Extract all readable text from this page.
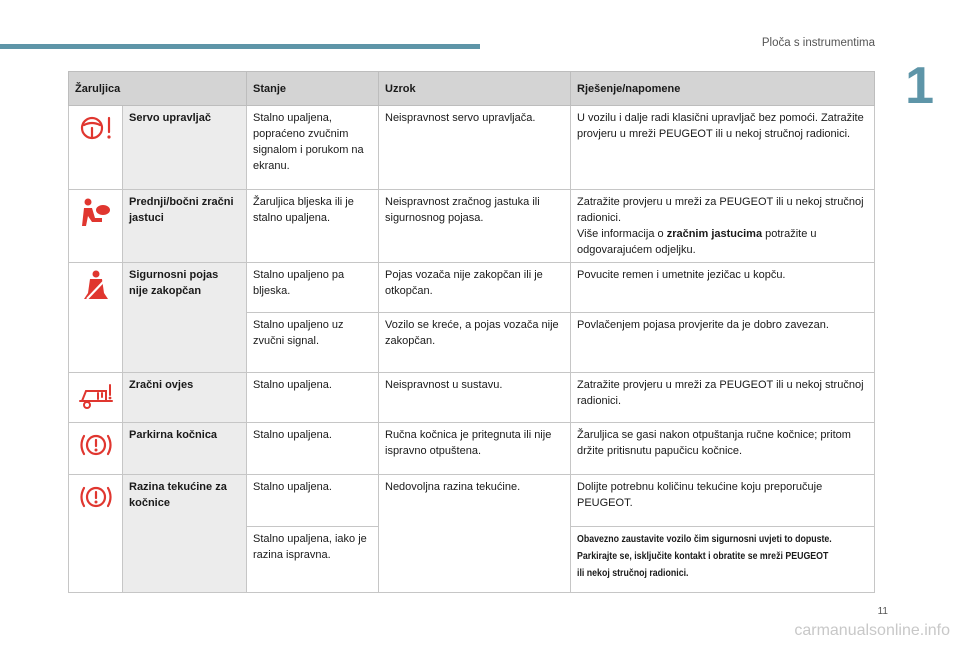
Ploča s instrumentima
1
Žaruljica		Stanje	Uzrok	Rješenje/napomene

	Servo upravljač	Stalno upaljena, popraćeno zvučnim signalom i porukom na ekranu.	Neispravnost servo upravljača.	U vozilu i dalje radi klasični upravljač bez pomoći. Zatražite provjeru u mreži PEUGEOT ili u nekoj stručnoj radionici.

	Prednji/bočni zračni jastuci	Žaruljica bljeska ili je stalno upaljena.	Neispravnost zračnog jastuka ili sigurnosnog pojasa.	Zatražite provjeru u mreži za PEUGEOT ili u nekoj stručnoj radionici.
Više informacija o zračnim jastucima potražite u odgovarajućem odjeljku.

	Sigurnosni pojas nije zakopčan	Stalno upaljeno pa bljeska.	Pojas vozača nije zakopčan ili je otkopčan.	Povucite remen i umetnite jezičac u kopču.
		Stalno upaljeno uz zvučni signal.	Vozilo se kreće, a pojas vozača nije zakopčan.	Povlačenjem pojasa provjerite da je dobro zavezan.

	Zračni ovjes	Stalno upaljena.	Neispravnost u sustavu.	Zatražite provjeru u mreži za PEUGEOT ili u nekoj stručnoj radionici.

	Parkirna kočnica	Stalno upaljena.	Ručna kočnica je pritegnuta ili nije ispravno otpuštena.	Žaruljica se gasi nakon otpuštanja ručne kočnice; pritom držite pritisnutu papučicu kočnice.

	Razina tekućine za kočnice	Stalno upaljena.	Nedovoljna razina tekućine.	Dolijte potrebnu količinu tekućine koju preporučuje PEUGEOT.
		Stalno upaljena, iako je razina ispravna.		Obavezno zaustavite vozilo čim sigurnosni uvjeti to dopuste.
Parkirajte se, isključite kontakt i obratite se mreži PEUGEOT
ili nekoj stručnoj radionici.
11
carmanualsonline.info
